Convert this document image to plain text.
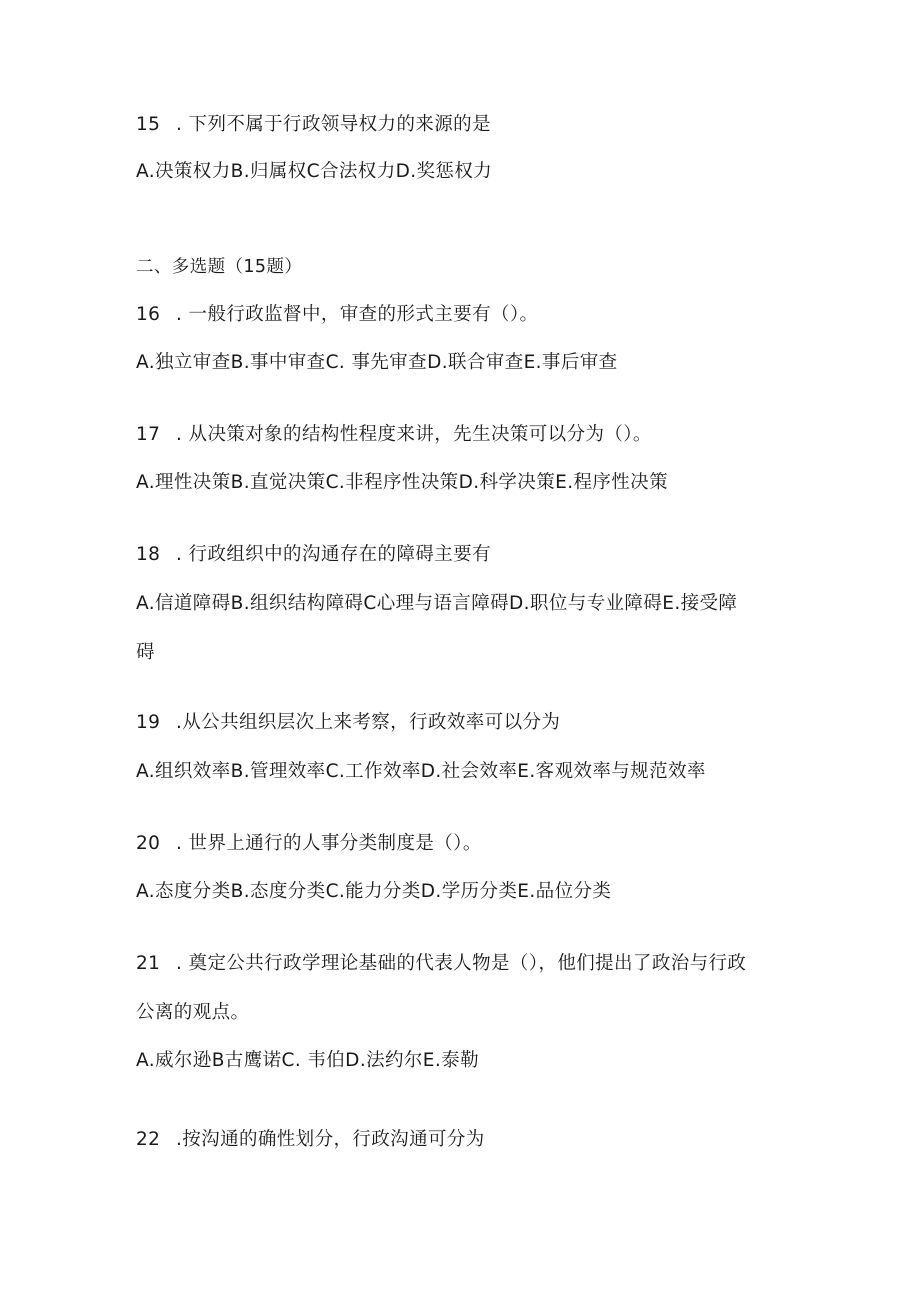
15 . 下列不属于行政领导权力的来源的是
A.决策权力B.归属权C合法权力D.奖惩权力
二、多选题（15题）
16 . 一般行政监督中，审查的形式主要有（）。
A.独立审查B.事中审查C. 事先审查D.联合审查E.事后审查
17 . 从决策对象的结构性程度来讲，先生决策可以分为（）。
A.理性决策B.直觉决策C.非程序性决策D.科学决策E.程序性决策
18 . 行政组织中的沟通存在的障碍主要有
A.信道障碍B.组织结构障碍C心理与语言障碍D.职位与专业障碍E.接受障
碍
19 .从公共组织层次上来考察，行政效率可以分为
A.组织效率B.管理效率C.工作效率D.社会效率E.客观效率与规范效率
20 . 世界上通行的人事分类制度是（）。
A.态度分类B.态度分类C.能力分类D.学历分类E.品位分类
21 . 奠定公共行政学理论基础的代表人物是（），他们提出了政治与行政
公离的观点。
A.威尔逊B古鹰诺C. 韦伯D.法约尔E.泰勒
22 .按沟通的确性划分，行政沟通可分为
